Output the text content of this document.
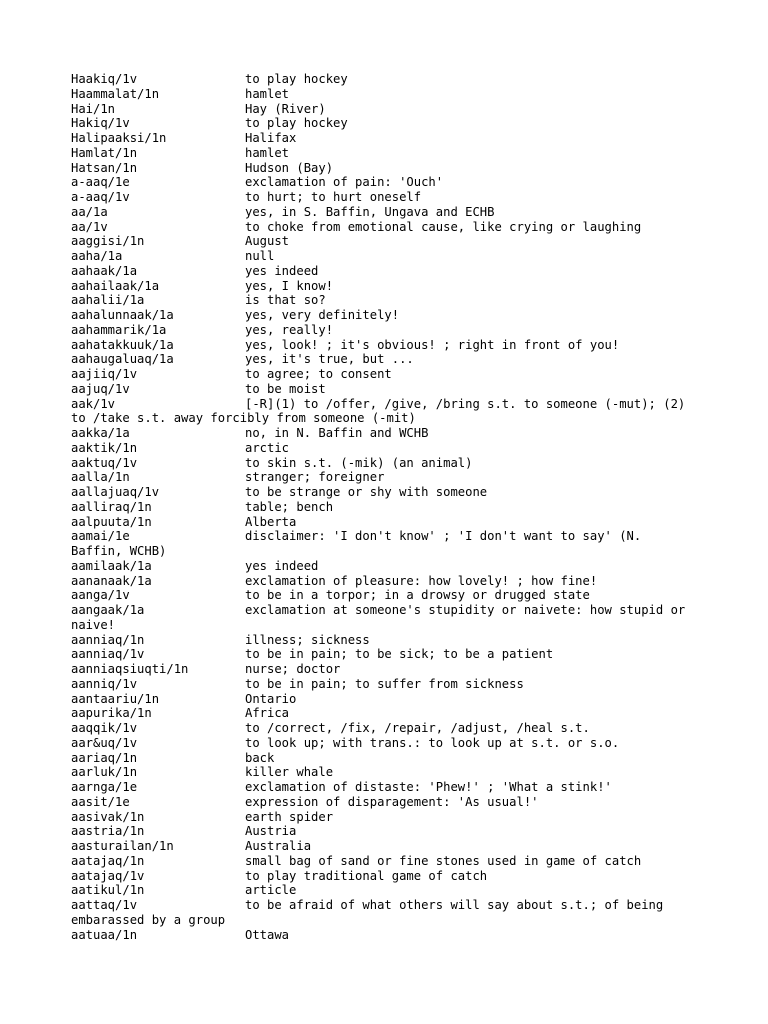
Haakiq/1v	to play hockey
Haammalat/1n	hamlet
Hai/1n	Hay (River)
Hakiq/1v	to play hockey
Halipaaksi/1n	Halifax
Hamlat/1n	hamlet
Hatsan/1n	Hudson (Bay)
a-aaq/1e	exclamation of pain: 'Ouch'
a-aaq/1v	to hurt; to hurt oneself
aa/1a	yes, in S. Baffin, Ungava and ECHB
aa/1v	to choke from emotional cause, like crying or laughing
aaggisi/1n	August
aaha/1a	null
aahaak/1a	yes indeed
aahailaak/1a	yes, I know!
aahalii/1a	is that so?
aahalunnaak/1a	yes, very definitely!
aahammarik/1a	yes, really!
aahatakkuuk/1a	yes, look! ; it's obvious! ; right in front of you!
aahaugaluaq/1a	yes, it's true, but ...
aajiiq/1v	to agree; to consent
aajuq/1v	to be moist
aak/1v	[-R](1) to /offer, /give, /bring s.t. to someone (-mut); (2)
to /take s.t. away forcibly from someone (-mit)
aakka/1a	no, in N. Baffin and WCHB
aaktik/1n	arctic
aaktuq/1v	to skin s.t. (-mik) (an animal)
aalla/1n	stranger; foreigner
aallajuaq/1v	to be strange or shy with someone
aalliraq/1n	table; bench
aalpuuta/1n	Alberta
aamai/1e	disclaimer: 'I don't know' ; 'I don't want to say' (N.
Baffin, WCHB)
aamilaak/1a	yes indeed
aananaak/1a	exclamation of pleasure: how lovely! ; how fine!
aanga/1v	to be in a torpor; in a drowsy or drugged state
aangaak/1a	exclamation at someone's stupidity or naivete: how stupid or
naive!
aanniaq/1n	illness; sickness
aanniaq/1v	to be in pain; to be sick; to be a patient
aanniaqsiuqti/1n	nurse; doctor
aanniq/1v	to be in pain; to suffer from sickness
aantaariu/1n	Ontario
aapurika/1n	Africa
aaqqik/1v	to /correct, /fix, /repair, /adjust, /heal s.t.
aar&uq/1v	to look up; with trans.: to look up at s.t. or s.o.
aariaq/1n	back
aarluk/1n	killer whale
aarnga/1e	exclamation of distaste: 'Phew!' ; 'What a stink!'
aasit/1e	expression of disparagement: 'As usual!'
aasivak/1n	earth spider
aastria/1n	Austria
aasturailan/1n	Australia
aatajaq/1n	small bag of sand or fine stones used in game of catch
aatajaq/1v	to play traditional game of catch
aatikul/1n	article
aattaq/1v	to be afraid of what others will say about s.t.; of being
embarassed by a group
aatuaa/1n	Ottawa
